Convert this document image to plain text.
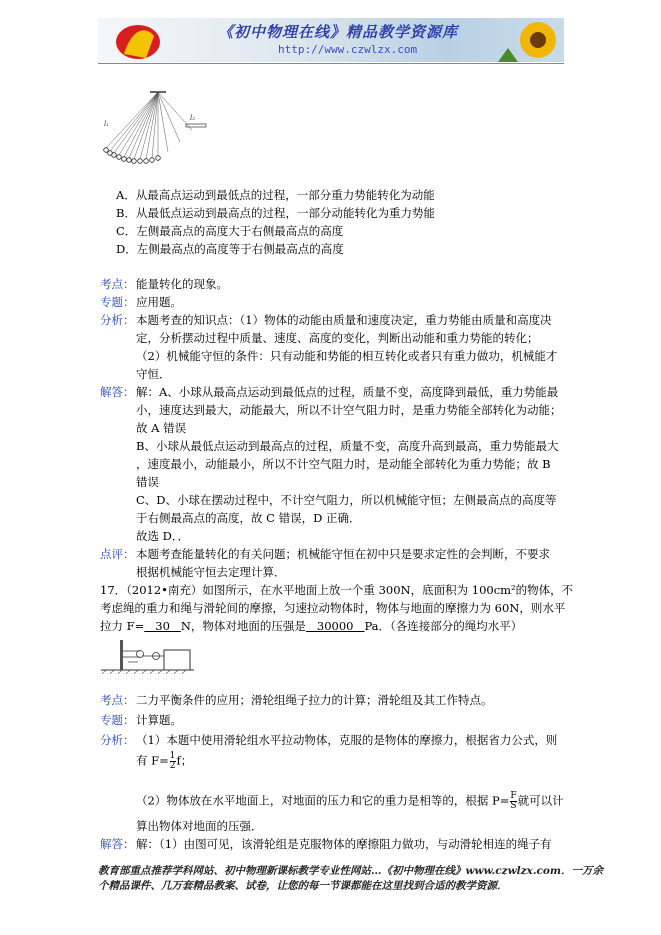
《初中物理在线》精品教学资源库
http://www.czwlzx.com
l₁
l₂
A．从最高点运动到最低点的过程，一部分重力势能转化为动能
B．从最低点运动到最高点的过程，一部分动能转化为重力势能
C．左侧最高点的高度大于右侧最高点的高度
D．左侧最高点的高度等于右侧最高点的高度
考点： 能量转化的现象。
专题： 应用题。
分析： 本题考查的知识点：（1）物体的动能由质量和速度决定，重力势能由质量和高度决
定，分析摆动过程中质量、速度、高度的变化，判断出动能和重力势能的转化；
（2）机械能守恒的条件：只有动能和势能的相互转化或者只有重力做功，机械能才
守恒．
解答： 解：A、小球从最高点运动到最低点的过程，质量不变，高度降到最低，重力势能最
小，速度达到最大，动能最大，所以不计空气阻力时，是重力势能全部转化为动能；
故 A 错误
B、小球从最低点运动到最高点的过程，质量不变，高度升高到最高，重力势能最大
，速度最小，动能最小，所以不计空气阻力时，是动能全部转化为重力势能；故 B
错误
C、D、小球在摆动过程中，不计空气阻力，所以机械能守恒；左侧最高点的高度等
于右侧最高点的高度，故 C 错误，D 正确．
故选 D．．
点评： 本题考查能量转化的有关问题；机械能守恒在初中只是要求定性的会判断，不要求
根据机械能守恒去定理计算．
17．（2012•南充）如图所示，在水平地面上放一个重 300N，底面积为 100cm²的物体，不
考虑绳的重力和绳与滑轮间的摩擦，匀速拉动物体时，物体与地面的摩擦力为 60N，则水平
拉力 F=   30   N，物体对地面的压强是   30000   Pa．（各连接部分的绳均水平）
考点： 二力平衡条件的应用；滑轮组绳子拉力的计算；滑轮组及其工作特点。
专题： 计算题。
分析： （1）本题中使用滑轮组水平拉动物体，克服的是物体的摩擦力，根据省力公式，则
有 $F= \frac{1}{2}$ f；
（2）物体放在水平地面上，对地面的压力和它的重力是相等的，根据 $P= \frac{F}{S}$ 就可以计
算出物体对地面的压强．
解答： 解：（1）由图可见，该滑轮组是克服物体的摩擦阻力做功，与动滑轮相连的绳子有
教育部重点推荐学科网站、初中物理新课标教学专业性网站…《初中物理在线》www.czwlzx.com．一万余
个精品课件、几万套精品教案、试卷，让您的每一节课都能在这里找到合适的教学资源．
